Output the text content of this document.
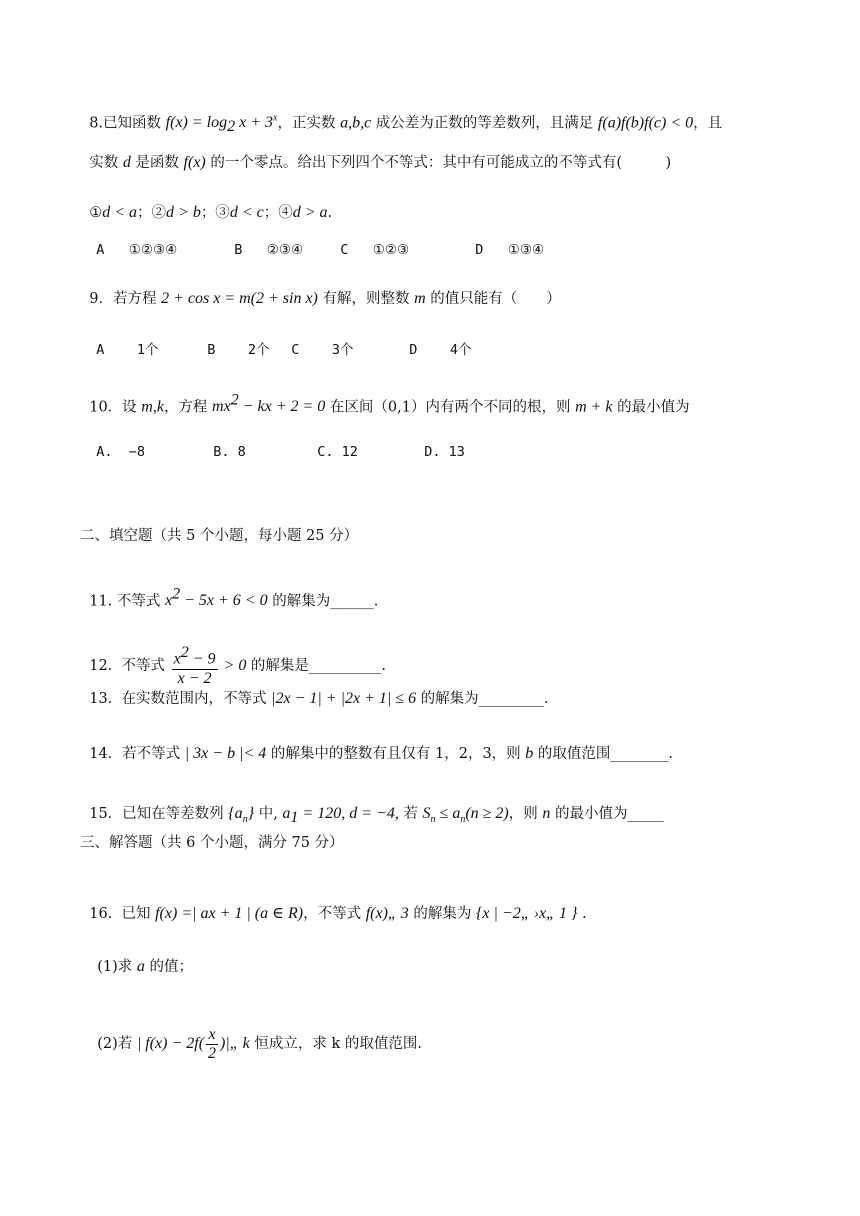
8.已知函数 $f(x) = \log_2 x + 3^x$，正实数 a,b,c 成公差为正数的等差数列，且满足 f(a)f(b)f(c) < 0，且

实数 d 是函数 f(x) 的一个零点。给出下列四个不等式：其中有可能成立的不等式有(　　　)

①d < a；②d > b；③d < c；④d > a.

A   ①②③④	B   ②③④	C   ①②③	D   ①③④

9．若方程 2 + cos x = m(2 + sin x) 有解，则整数 m 的值只能有（　　）

A    1个	B    2个 C    3个	D    4个

10．设 m,k，方程 $mx^2$ − kx + 2 = 0 在区间（0,1）内有两个不同的根，则 m + k 的最小值为

A.  −8	B. 8	C. 12	D. 13

二、填空题（共 5 个小题，每小题 25 分）

11. 不等式 $x^2 - 5x + 6 < 0$ 的解集为______.

12.  不等式 $\frac{x^2 - 9}{x - 2} > 0$ 的解集是__________.

13.  在实数范围内，不等式 |2x − 1| + |2x + 1| ≤ 6 的解集为_________.

14．若不等式 | 3x − b |< 4 的解集中的整数有且仅有 1，2，3，则 b 的取值范围________.

15．已知在等差数列 $\{a_n\}$ 中, $a_1 = 120$, d = −4, 若 $S_n \le a_n(n \ge 2)$，则 n 的最小值为_____

三、解答题（共 6 个小题，满分 75 分）

16.  已知 f(x) =| ax + 1 | (a ∈ R)，不等式 f(x)„ 3 的解集为 {x | −2„ ›x„ 1 } .

(1)求 a 的值；

(2)若 | $f(x) - 2f( \frac{x}{2}$ )|„ k 恒成立，求 k 的取值范围.
